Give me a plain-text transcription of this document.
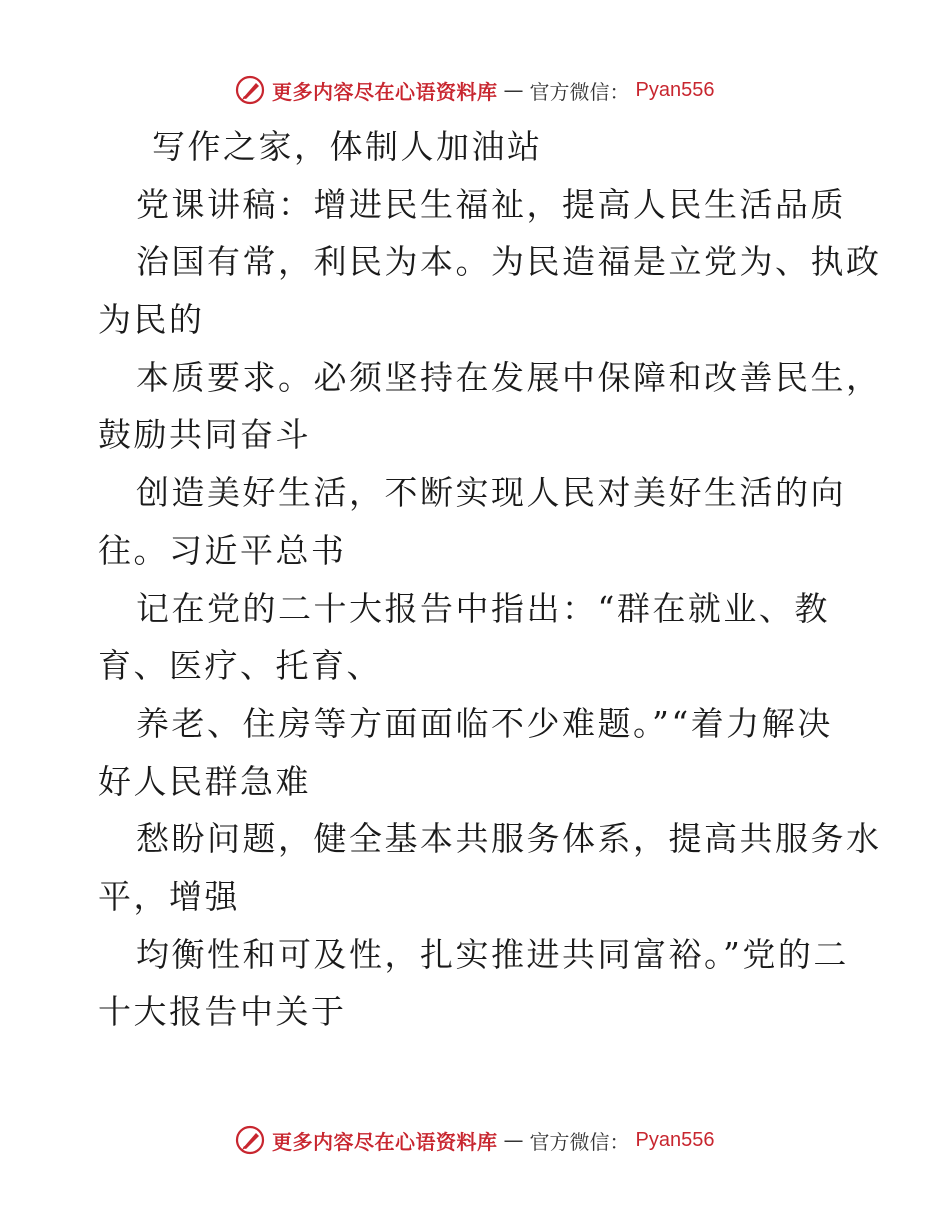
更多内容尽在心语资料库 — 官方微信： Pyan556
写作之家，体制人加油站
党课讲稿：增进民生福祉，提高人民生活品质
治国有常，利民为本。为民造福是立党为、执政
为民的
本质要求。必须坚持在发展中保障和改善民生，
鼓励共同奋斗
创造美好生活，不断实现人民对美好生活的向
往。习近平总书
记在党的二十大报告中指出：“群在就业、教
育、医疗、托育、
养老、住房等方面面临不少难题。”“着力解决
好人民群急难
愁盼问题，健全基本共服务体系，提高共服务水
平，增强
均衡性和可及性，扎实推进共同富裕。”党的二
十大报告中关于
更多内容尽在心语资料库 — 官方微信： Pyan556
